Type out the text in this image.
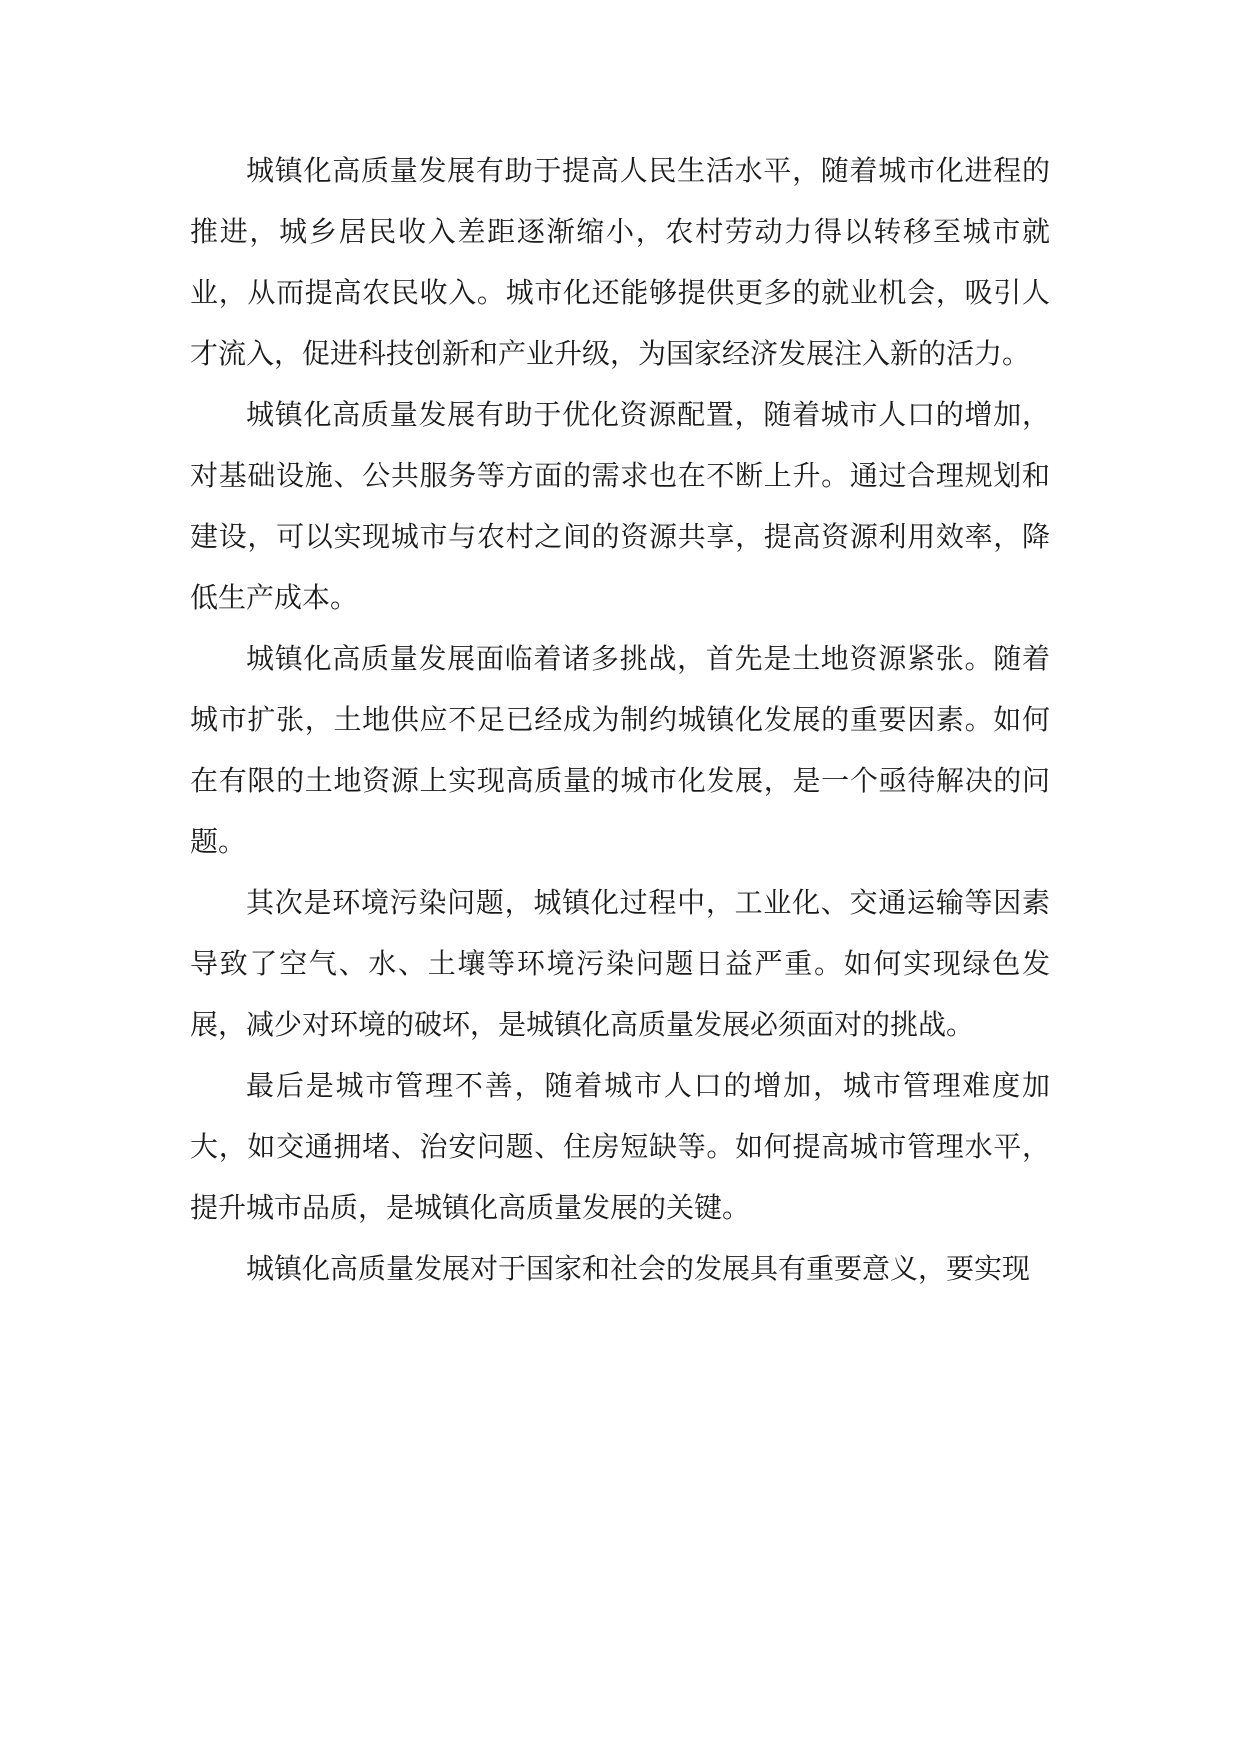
城镇化高质量发展有助于提高人民生活水平，随着城市化进程的推进，城乡居民收入差距逐渐缩小，农村劳动力得以转移至城市就业，从而提高农民收入。城市化还能够提供更多的就业机会，吸引人才流入，促进科技创新和产业升级，为国家经济发展注入新的活力。

城镇化高质量发展有助于优化资源配置，随着城市人口的增加，对基础设施、公共服务等方面的需求也在不断上升。通过合理规划和建设，可以实现城市与农村之间的资源共享，提高资源利用效率，降低生产成本。

城镇化高质量发展面临着诸多挑战，首先是土地资源紧张。随着城市扩张，土地供应不足已经成为制约城镇化发展的重要因素。如何在有限的土地资源上实现高质量的城市化发展，是一个亟待解决的问题。

其次是环境污染问题，城镇化过程中，工业化、交通运输等因素导致了空气、水、土壤等环境污染问题日益严重。如何实现绿色发展，减少对环境的破坏，是城镇化高质量发展必须面对的挑战。

最后是城市管理不善，随着城市人口的增加，城市管理难度加大，如交通拥堵、治安问题、住房短缺等。如何提高城市管理水平，提升城市品质，是城镇化高质量发展的关键。

城镇化高质量发展对于国家和社会的发展具有重要意义，要实现
